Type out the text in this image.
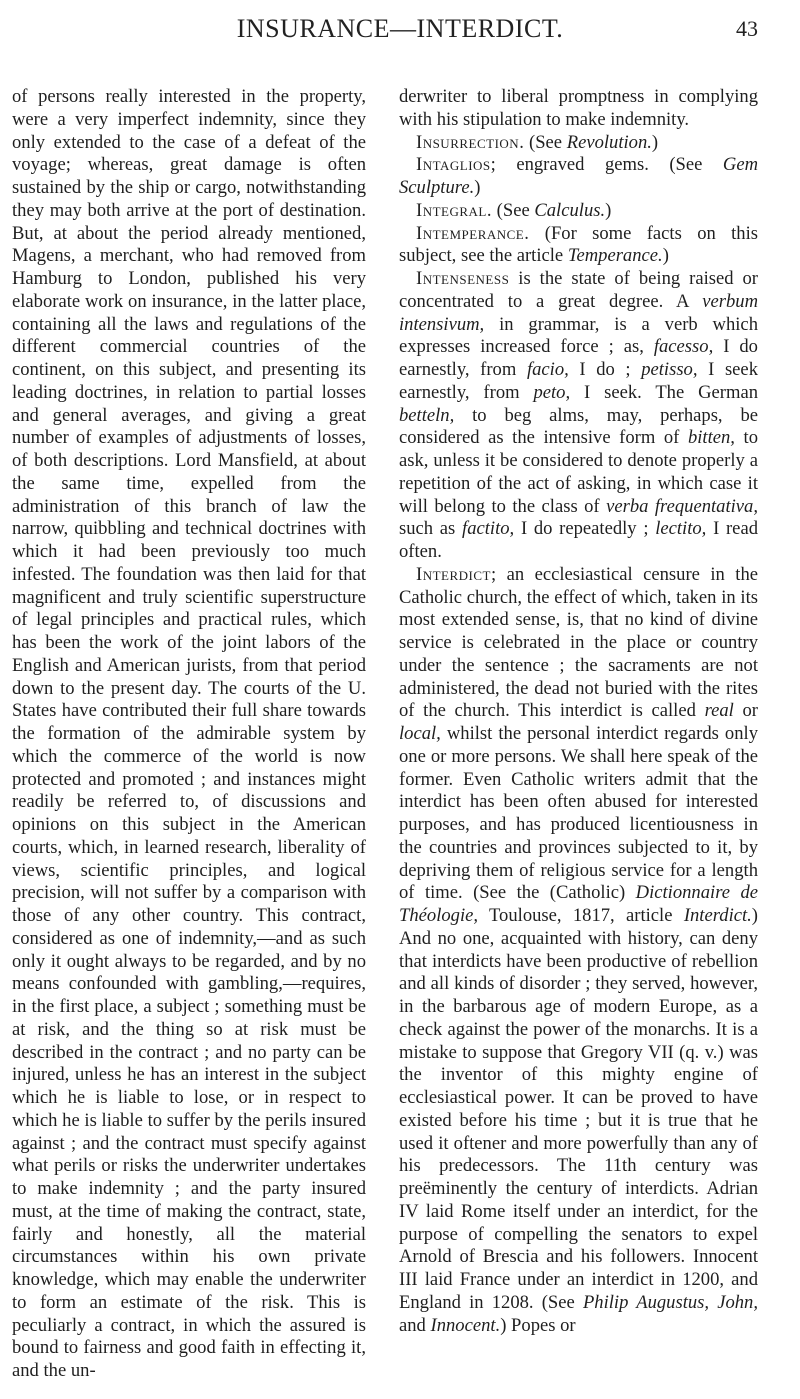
INSURANCE—INTERDICT.	43

of persons really interested in the property, were a very imperfect indemnity, since they only extended to the case of a defeat of the voyage; whereas, great damage is often sustained by the ship or cargo, notwithstanding they may both arrive at the port of destination. But, at about the period already mentioned, Magens, a merchant, who had removed from Hamburg to London, published his very elaborate work on insurance, in the latter place, containing all the laws and regulations of the different commercial countries of the continent, on this subject, and presenting its leading doctrines, in relation to partial losses and general averages, and giving a great number of examples of adjustments of losses, of both descriptions. Lord Mansfield, at about the same time, expelled from the administration of this branch of law the narrow, quibbling and technical doctrines with which it had been previously too much infested. The foundation was then laid for that magnificent and truly scientific superstructure of legal principles and practical rules, which has been the work of the joint labors of the English and American jurists, from that period down to the present day. The courts of the U. States have contributed their full share towards the formation of the admirable system by which the commerce of the world is now protected and promoted ; and instances might readily be referred to, of discussions and opinions on this subject in the American courts, which, in learned research, liberality of views, scientific principles, and logical precision, will not suffer by a comparison with those of any other country. This contract, considered as one of indemnity,—and as such only it ought always to be regarded, and by no means confounded with gambling,—requires, in the first place, a subject ; something must be at risk, and the thing so at risk must be described in the contract ; and no party can be injured, unless he has an interest in the subject which he is liable to lose, or in respect to which he is liable to suffer by the perils insured against ; and the contract must specify against what perils or risks the underwriter undertakes to make indemnity ; and the party insured must, at the time of making the contract, state, fairly and honestly, all the material circumstances within his own private knowledge, which may enable the underwriter to form an estimate of the risk. This is peculiarly a contract, in which the assured is bound to fairness and good faith in effecting it, and the un-

derwriter to liberal promptness in complying with his stipulation to make indemnity.

Insurrection. (See Revolution.)

Intaglios; engraved gems. (See Gem Sculpture.)

Integral. (See Calculus.)

Intemperance. (For some facts on this subject, see the article Temperance.)

Intenseness is the state of being raised or concentrated to a great degree. A verbum intensivum, in grammar, is a verb which expresses increased force ; as, facesso, I do earnestly, from facio, I do ; petisso, I seek earnestly, from peto, I seek. The German betteln, to beg alms, may, perhaps, be considered as the intensive form of bitten, to ask, unless it be considered to denote properly a repetition of the act of asking, in which case it will belong to the class of verba frequentativa, such as factito, I do repeatedly ; lectito, I read often.

Interdict; an ecclesiastical censure in the Catholic church, the effect of which, taken in its most extended sense, is, that no kind of divine service is celebrated in the place or country under the sentence ; the sacraments are not administered, the dead not buried with the rites of the church. This interdict is called real or local, whilst the personal interdict regards only one or more persons. We shall here speak of the former. Even Catholic writers admit that the interdict has been often abused for interested purposes, and has produced licentiousness in the countries and provinces subjected to it, by depriving them of religious service for a length of time. (See the (Catholic) Dictionnaire de Théologie, Toulouse, 1817, article Interdict.) And no one, acquainted with history, can deny that interdicts have been productive of rebellion and all kinds of disorder ; they served, however, in the barbarous age of modern Europe, as a check against the power of the monarchs. It is a mistake to suppose that Gregory VII (q. v.) was the inventor of this mighty engine of ecclesiastical power. It can be proved to have existed before his time ; but it is true that he used it oftener and more powerfully than any of his predecessors. The 11th century was preëminently the century of interdicts. Adrian IV laid Rome itself under an interdict, for the purpose of compelling the senators to expel Arnold of Brescia and his followers. Innocent III laid France under an interdict in 1200, and England in 1208. (See Philip Augustus, John, and Innocent.) Popes or
